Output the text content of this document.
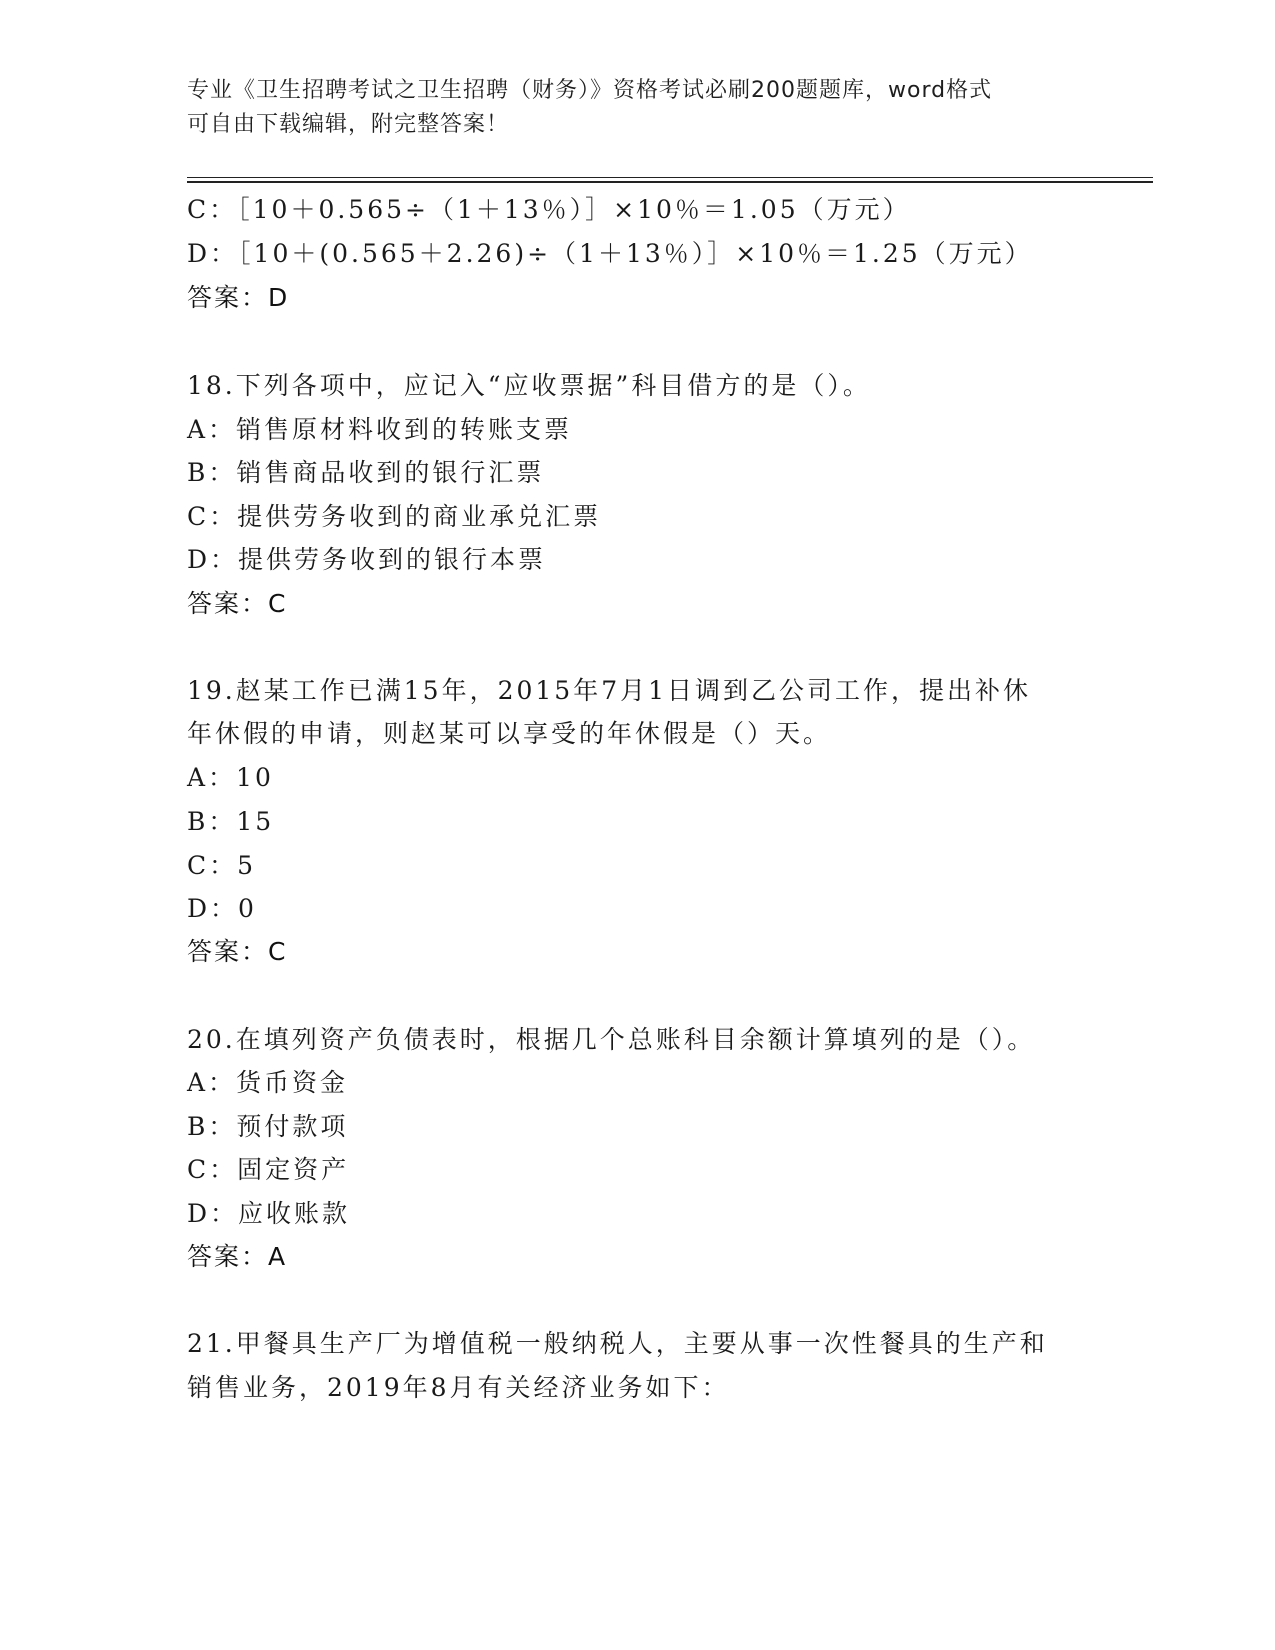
专业《卫生招聘考试之卫生招聘（财务）》资格考试必刷200题题库，word格式
可自由下载编辑，附完整答案！
C：［10＋0.565÷（1＋13％）］×10％＝1.05（万元）
D：［10＋(0.565＋2.26)÷（1＋13％）］×10％＝1.25（万元）
答案：D
18.下列各项中，应记入“应收票据”科目借方的是（）。
A：销售原材料收到的转账支票
B：销售商品收到的银行汇票
C：提供劳务收到的商业承兑汇票
D：提供劳务收到的银行本票
答案：C
19.赵某工作已满15年，2015年7月1日调到乙公司工作，提出补休
年休假的申请，则赵某可以享受的年休假是（）天。
A：10
B：15
C：5
D：0
答案：C
20.在填列资产负债表时，根据几个总账科目余额计算填列的是（）。
A：货币资金
B：预付款项
C：固定资产
D：应收账款
答案：A
21.甲餐具生产厂为增值税一般纳税人，主要从事一次性餐具的生产和
销售业务，2019年8月有关经济业务如下：
